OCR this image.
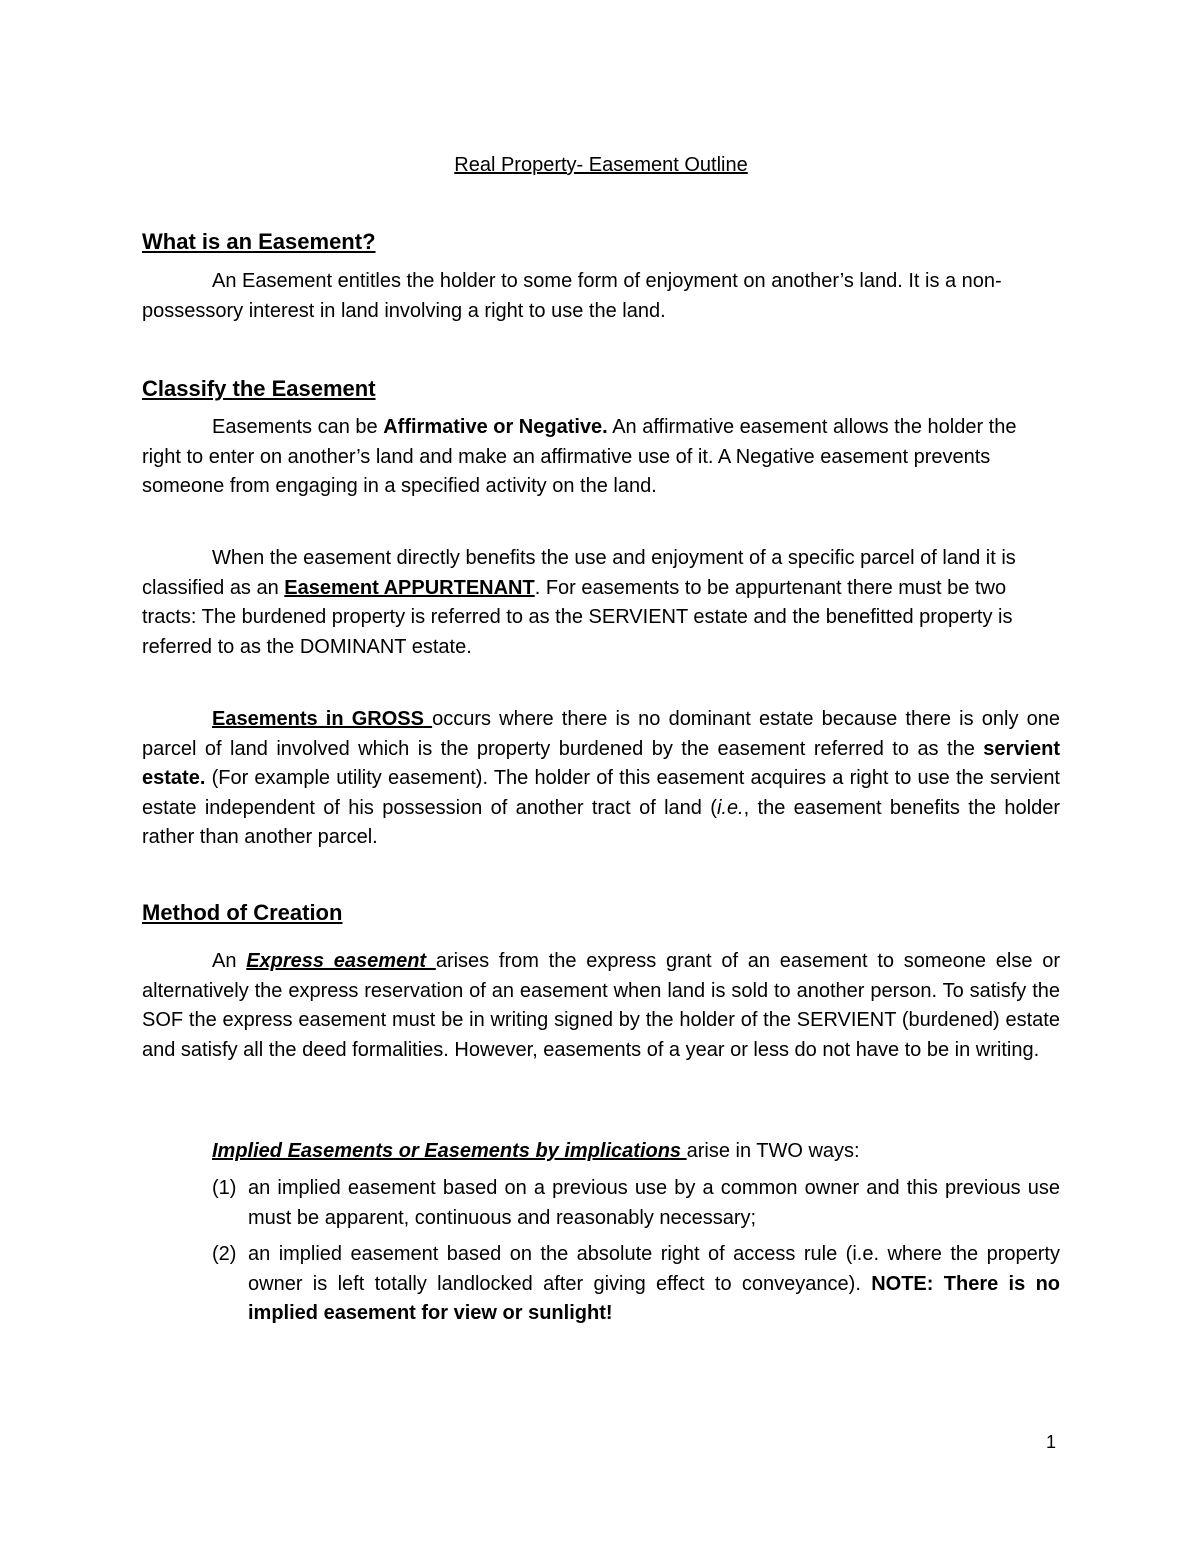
Real Property- Easement Outline
What is an Easement?

An Easement entitles the holder to some form of enjoyment on another’s land. It is a non-possessory interest in land involving a right to use the land.

Classify the Easement

Easements can be Affirmative or Negative. An affirmative easement allows the holder the right to enter on another’s land and make an affirmative use of it. A Negative easement prevents someone from engaging in a specified activity on the land.

When the easement directly benefits the use and enjoyment of a specific parcel of land it is classified as an Easement APPURTENANT. For easements to be appurtenant there must be two tracts: The burdened property is referred to as the SERVIENT estate and the benefitted property is referred to as the DOMINANT estate.

Easements in GROSS occurs where there is no dominant estate because there is only one parcel of land involved which is the property burdened by the easement referred to as the servient estate. (For example utility easement). The holder of this easement acquires a right to use the servient estate independent of his possession of another tract of land (i.e., the easement benefits the holder rather than another parcel.

Method of Creation

An Express easement arises from the express grant of an easement to someone else or alternatively the express reservation of an easement when land is sold to another person. To satisfy the SOF the express easement must be in writing signed by the holder of the SERVIENT (burdened) estate and satisfy all the deed formalities. However, easements of a year or less do not have to be in writing.

Implied Easements or Easements by implications arise in TWO ways:

(1) an implied easement based on a previous use by a common owner and this previous use must be apparent, continuous and reasonably necessary;
(2) an implied easement based on the absolute right of access rule (i.e. where the property owner is left totally landlocked after giving effect to conveyance). NOTE: There is no implied easement for view or sunlight!
1
